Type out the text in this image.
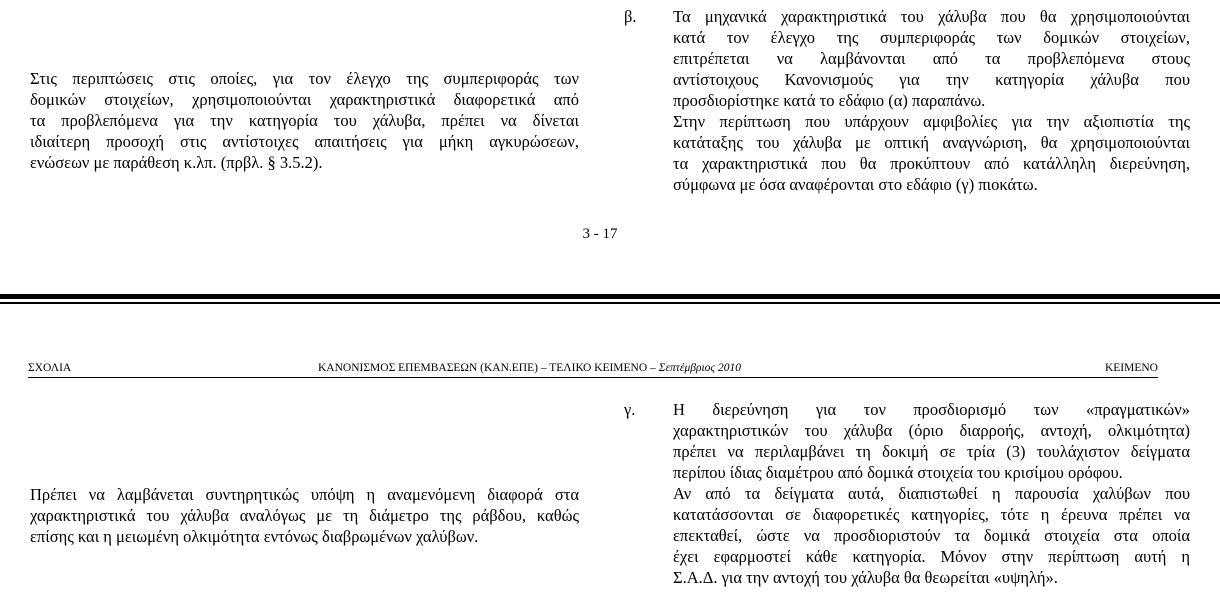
Στις περιπτώσεις στις οποίες, για τον έλεγχο της συμπεριφοράς των
δομικών στοιχείων, χρησιμοποιούνται χαρακτηριστικά διαφορετικά από
τα προβλεπόμενα για την κατηγορία του χάλυβα, πρέπει να δίνεται
ιδιαίτερη προσοχή στις αντίστοιχες απαιτήσεις για μήκη αγκυρώσεων,
ενώσεων με παράθεση κ.λπ. (πρβλ. § 3.5.2).
β. Τα μηχανικά χαρακτηριστικά του χάλυβα που θα χρησιμοποιούνται
κατά τον έλεγχο της συμπεριφοράς των δομικών στοιχείων,
επιτρέπεται να λαμβάνονται από τα προβλεπόμενα στους
αντίστοιχους Κανονισμούς για την κατηγορία χάλυβα που
προσδιορίστηκε κατά το εδάφιο (α) παραπάνω.
Στην περίπτωση που υπάρχουν αμφιβολίες για την αξιοπιστία της
κατάταξης του χάλυβα με οπτική αναγνώριση, θα χρησιμοποιούνται
τα χαρακτηριστικά που θα προκύπτουν από κατάλληλη διερεύνηση,
σύμφωνα με όσα αναφέρονται στο εδάφιο (γ) πιοκάτω.
3 - 17
ΣΧΟΛΙΑ	ΚΑΝΟΝΙΣΜΟΣ ΕΠΕΜΒΑΣΕΩΝ (ΚΑΝ.ΕΠΕ) – ΤΕΛΙΚΟ ΚΕΙΜΕΝΟ – Σεπτέμβριος 2010	ΚΕΙΜΕΝΟ
Πρέπει να λαμβάνεται συντηρητικώς υπόψη η αναμενόμενη διαφορά στα
χαρακτηριστικά του χάλυβα αναλόγως με τη διάμετρο της ράβδου, καθώς
επίσης και η μειωμένη ολκιμότητα εντόνως διαβρωμένων χαλύβων.
γ. Η διερεύνηση για τον προσδιορισμό των «πραγματικών»
χαρακτηριστικών του χάλυβα (όριο διαρροής, αντοχή, ολκιμότητα)
πρέπει να περιλαμβάνει τη δοκιμή σε τρία (3) τουλάχιστον δείγματα
περίπου ίδιας διαμέτρου από δομικά στοιχεία του κρισίμου ορόφου.
Αν από τα δείγματα αυτά, διαπιστωθεί η παρουσία χαλύβων που
κατατάσσονται σε διαφορετικές κατηγορίες, τότε η έρευνα πρέπει να
επεκταθεί, ώστε να προσδιοριστούν τα δομικά στοιχεία στα οποία
έχει εφαρμοστεί κάθε κατηγορία. Μόνον στην περίπτωση αυτή η
Σ.Α.Δ. για την αντοχή του χάλυβα θα θεωρείται «υψηλή».
